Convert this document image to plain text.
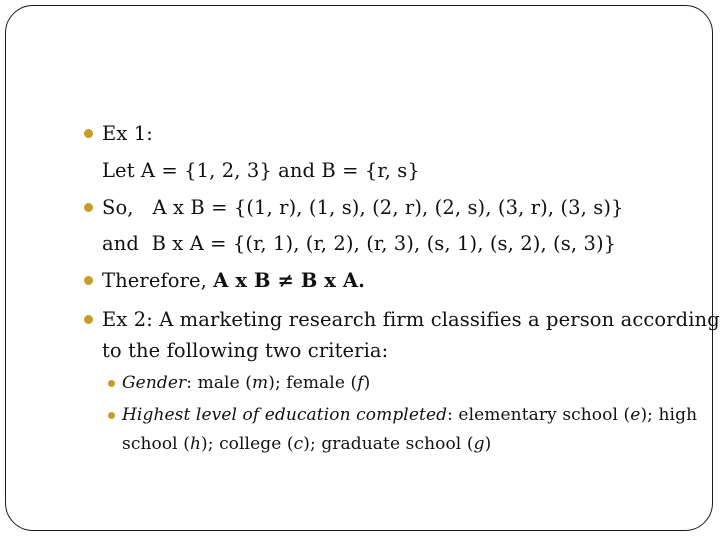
Ex 1:
Let A = {1, 2, 3} and B = {r, s}
So,   A x B = {(1, r), (1, s), (2, r), (2, s), (3, r), (3, s)}
and  B x A = {(r, 1), (r, 2), (r, 3), (s, 1), (s, 2), (s, 3)}
Therefore, A x B ≠ B x A.
Ex 2: A marketing research firm classifies a person according
to the following two criteria:
Gender: male (m); female (f)
Highest level of education completed: elementary school (e); high
school (h); college (c); graduate school (g)
